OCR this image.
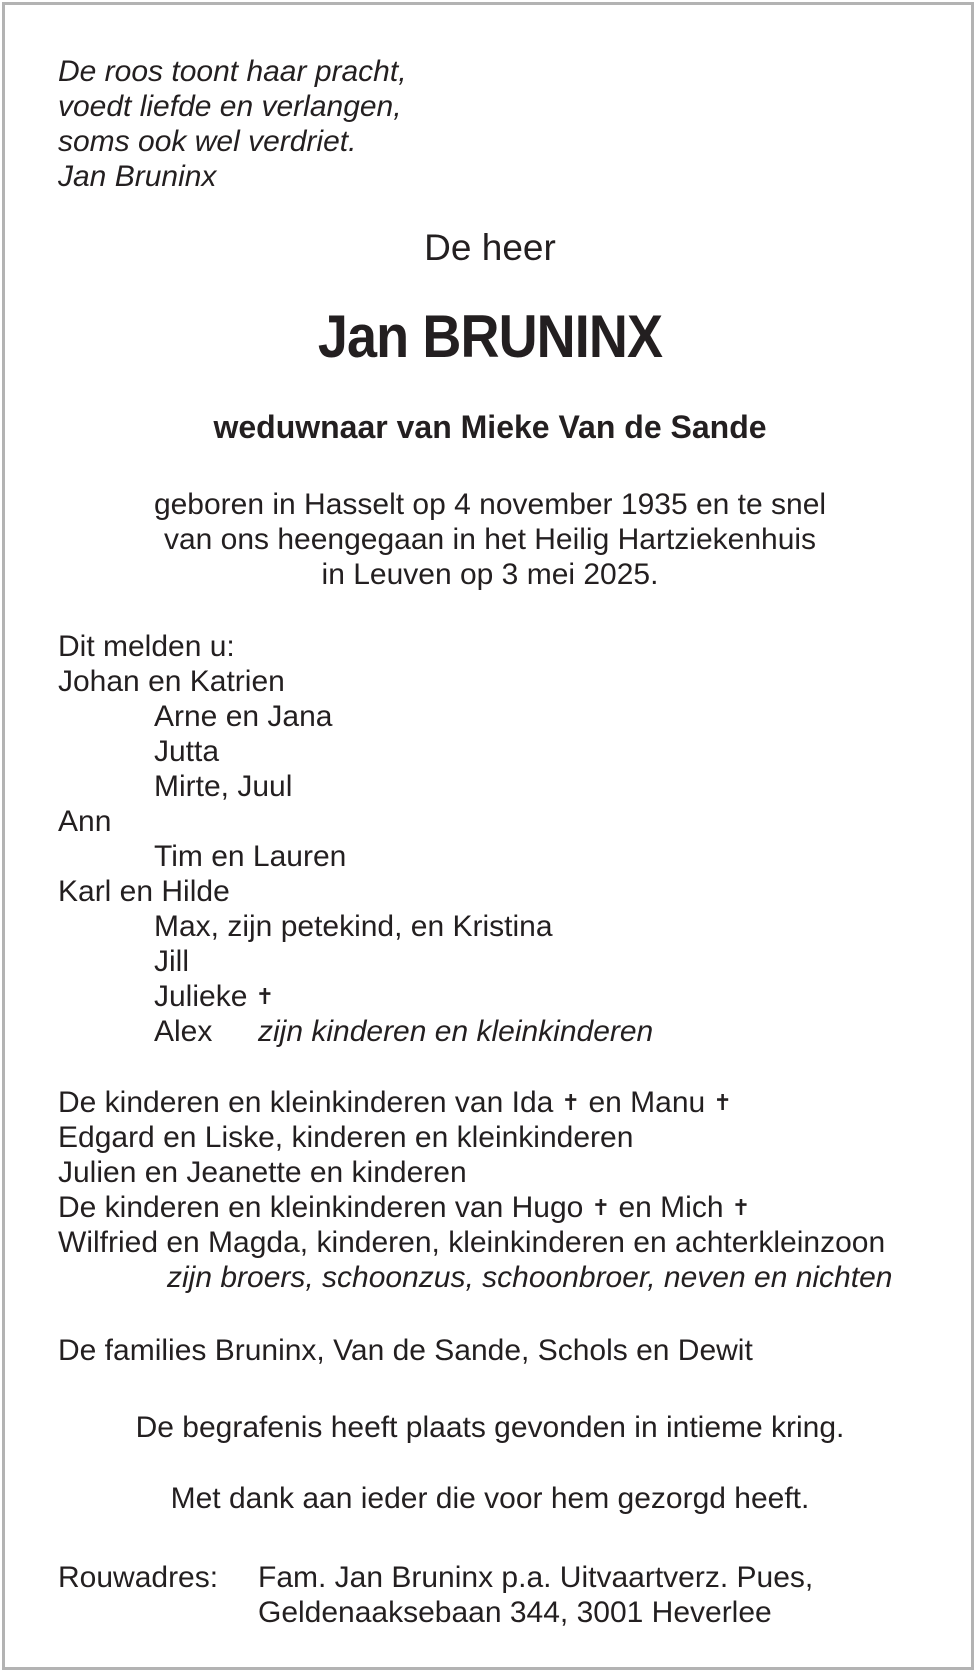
De roos toont haar pracht,
voedt liefde en verlangen,
soms ook wel verdriet.
Jan Bruninx
De heer
Jan BRUNINX
weduwnaar van Mieke Van de Sande
geboren in Hasselt op 4 november 1935 en te snel
van ons heengegaan in het Heilig Hartziekenhuis
in Leuven op 3 mei 2025.
Dit melden u:
Johan en Katrien
Arne en Jana
Jutta
Mirte, Juul
Ann
Tim en Lauren
Karl en Hilde
Max, zijn petekind, en Kristina
Jill
Julieke ✝
Alex zijn kinderen en kleinkinderen
De kinderen en kleinkinderen van Ida ✝ en Manu ✝
Edgard en Liske, kinderen en kleinkinderen
Julien en Jeanette en kinderen
De kinderen en kleinkinderen van Hugo ✝ en Mich ✝
Wilfried en Magda, kinderen, kleinkinderen en achterkleinzoon
zijn broers, schoonzus, schoonbroer, neven en nichten
De families Bruninx, Van de Sande, Schols en Dewit
De begrafenis heeft plaats gevonden in intieme kring.
Met dank aan ieder die voor hem gezorgd heeft.
Rouwadres: Fam. Jan Bruninx p.a. Uitvaartverz. Pues,
Geldenaaksebaan 344, 3001 Heverlee
